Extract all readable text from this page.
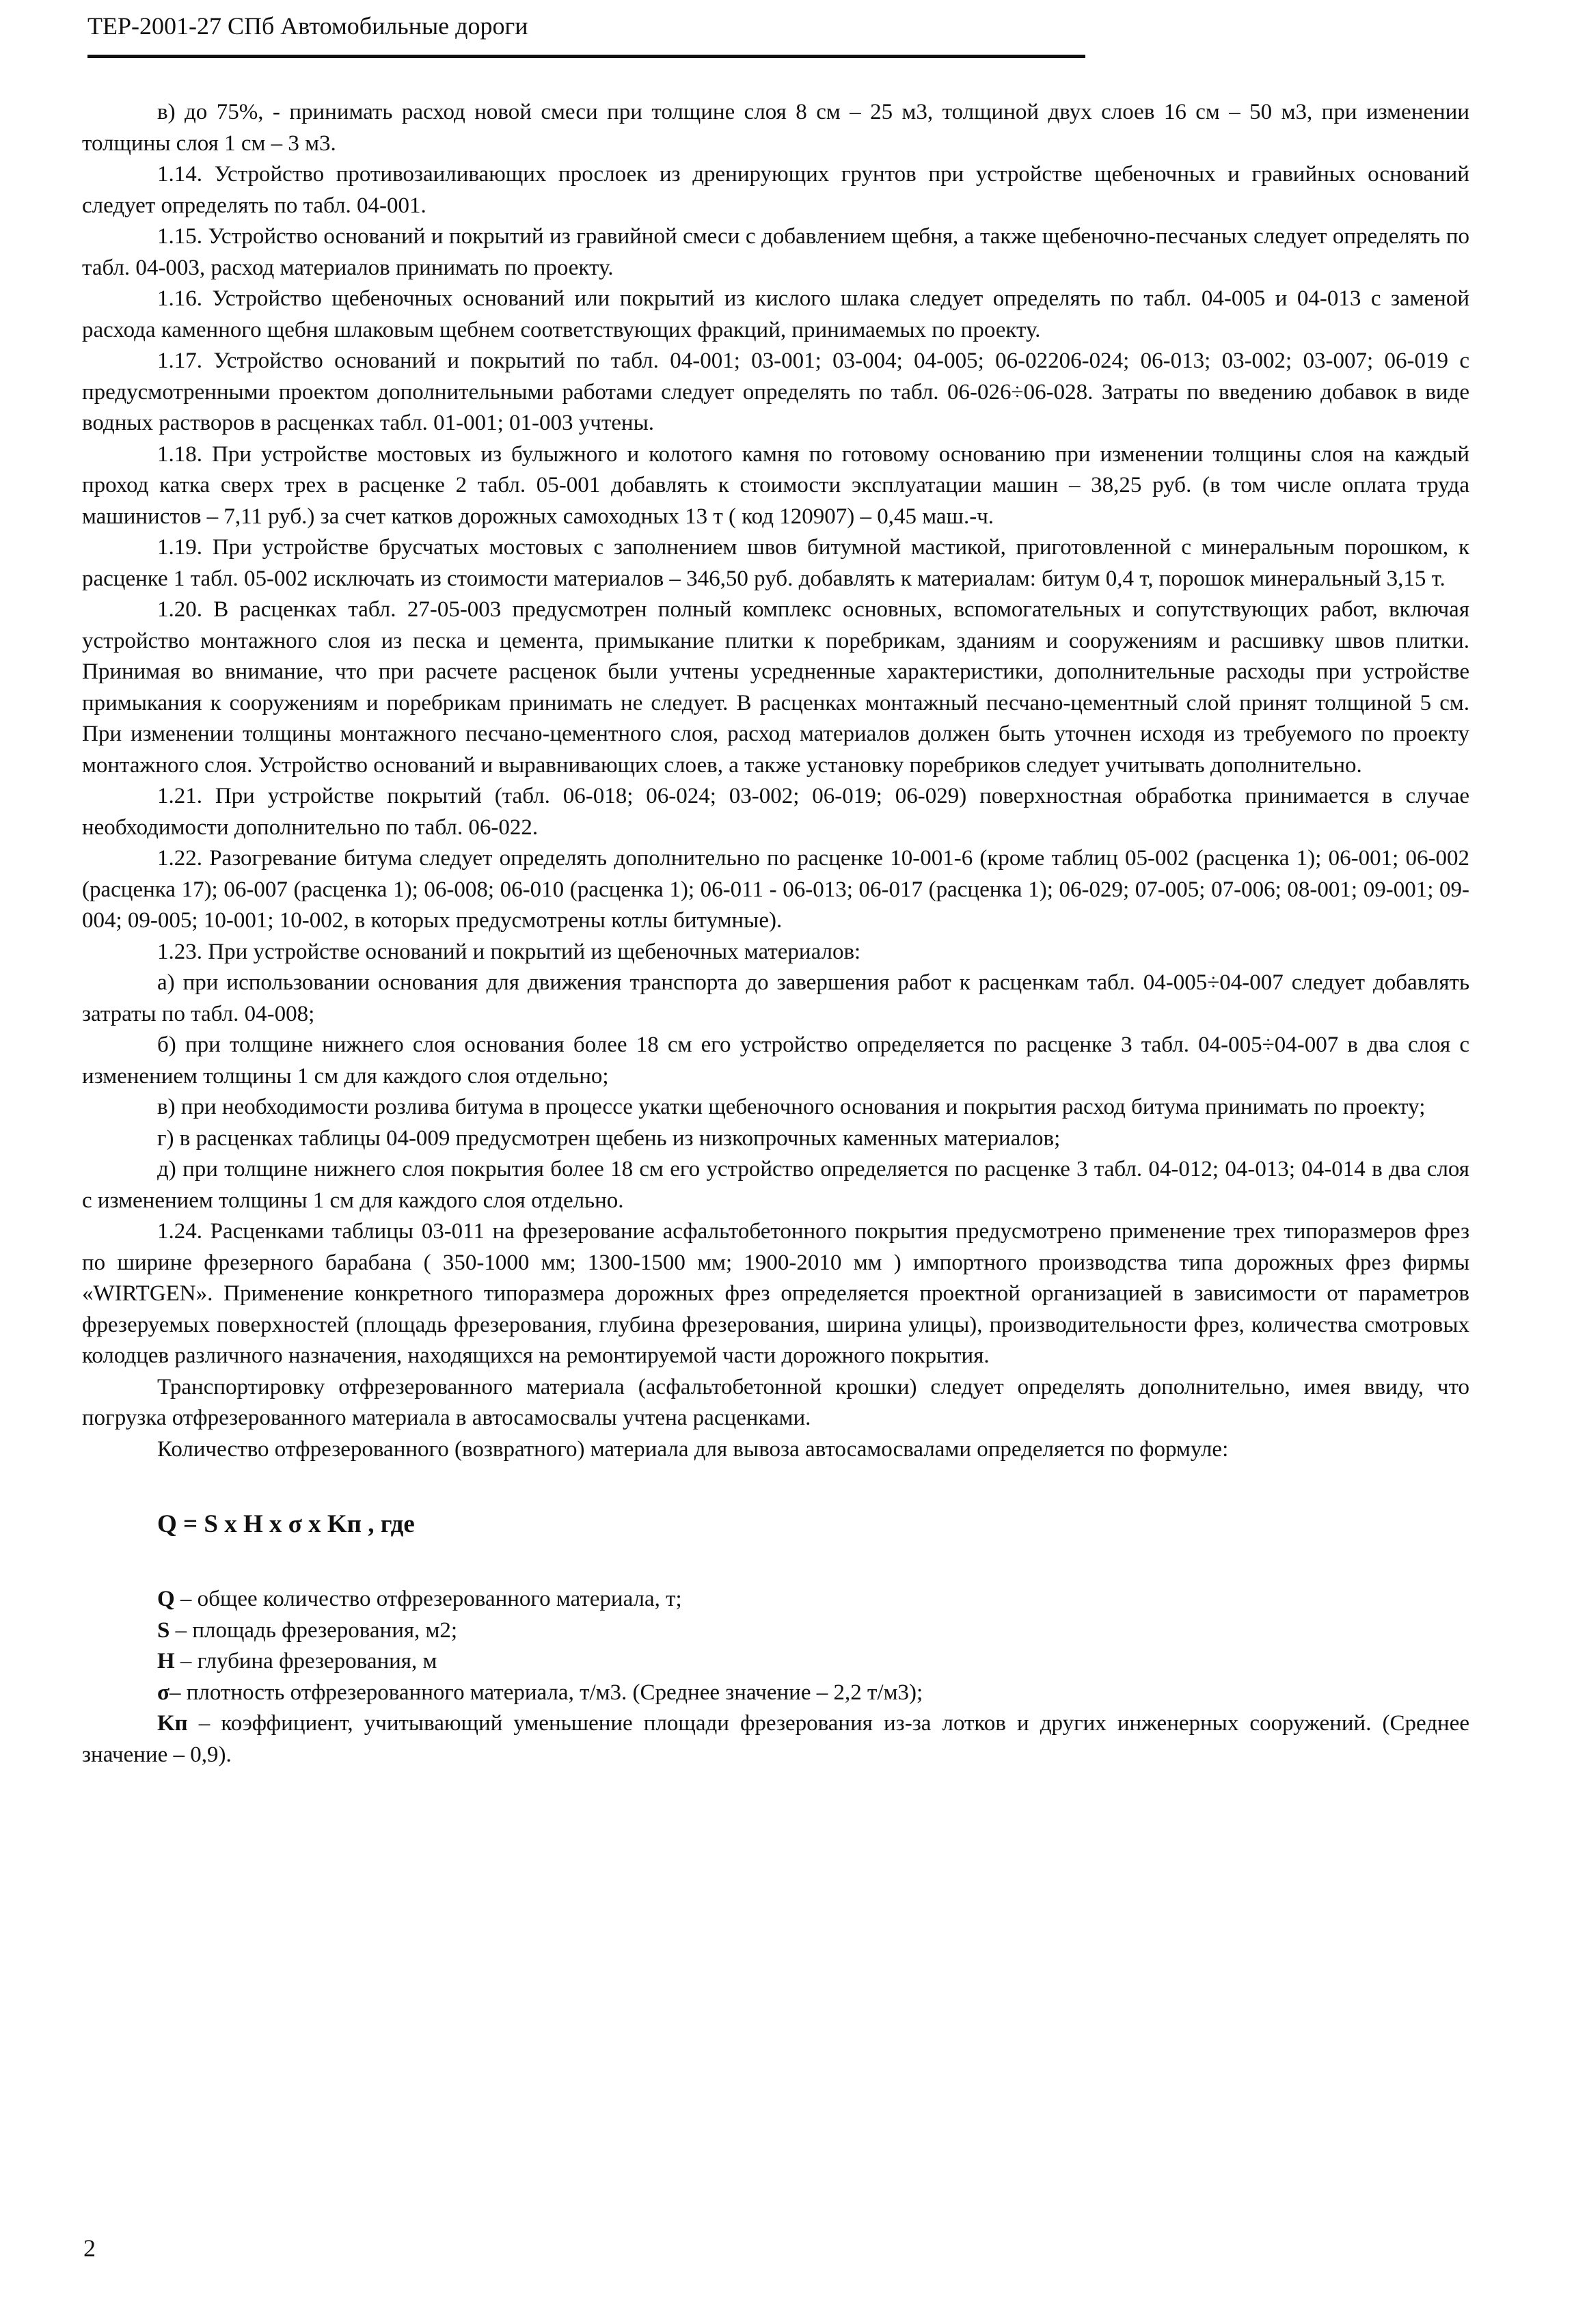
ТЕР-2001-27 СПб Автомобильные дороги

в) до 75%, - принимать расход новой смеси при толщине слоя 8 см – 25 м3, толщиной двух слоев 16 см – 50 м3, при изменении толщины слоя 1 см – 3 м3.

1.14. Устройство противозаиливающих прослоек из дренирующих грунтов при устройстве щебеночных и гравийных оснований следует определять по табл. 04-001.

1.15. Устройство оснований и покрытий из гравийной смеси с добавлением щебня, а также щебеночно-песчаных следует определять по табл. 04-003, расход материалов принимать по проекту.

1.16. Устройство щебеночных оснований или покрытий из кислого шлака следует определять по табл. 04-005 и 04-013 с заменой расхода каменного щебня шлаковым щебнем соответствующих фракций, принимаемых по проекту.

1.17. Устройство оснований и покрытий по табл. 04-001; 03-001; 03-004; 04-005; 06-02206-024; 06-013; 03-002; 03-007; 06-019 с предусмотренными проектом дополнительными работами следует определять по табл. 06-026÷06-028. Затраты по введению добавок в виде водных растворов в расценках табл. 01-001; 01-003 учтены.

1.18. При устройстве мостовых из булыжного и колотого камня по готовому основанию при изменении толщины слоя на каждый проход катка сверх трех в расценке 2 табл. 05-001 добавлять к стоимости эксплуатации машин – 38,25 руб. (в том числе оплата труда машинистов – 7,11 руб.) за счет катков дорожных самоходных 13 т ( код 120907) – 0,45 маш.-ч.

1.19. При устройстве брусчатых мостовых с заполнением швов битумной мастикой, приготовленной с минеральным порошком, к расценке 1 табл. 05-002 исключать из стоимости материалов – 346,50 руб. добавлять к материалам: битум 0,4 т, порошок минеральный 3,15 т.

1.20. В расценках табл. 27-05-003 предусмотрен полный комплекс основных, вспомогательных и сопутствующих работ, включая устройство монтажного слоя из песка и цемента, примыкание плитки к поребрикам, зданиям и сооружениям и расшивку швов плитки. Принимая во внимание, что при расчете расценок были учтены усредненные характеристики, дополнительные расходы при устройстве примыкания к сооружениям и поребрикам принимать не следует. В расценках монтажный песчано-цементный слой принят толщиной 5 см. При изменении толщины монтажного песчано-цементного слоя, расход материалов должен быть уточнен исходя из требуемого по проекту монтажного слоя. Устройство оснований и выравнивающих слоев, а также установку поребриков следует учитывать дополнительно.

1.21. При устройстве покрытий (табл. 06-018; 06-024; 03-002; 06-019; 06-029) поверхностная обработка принимается в случае необходимости дополнительно по табл. 06-022.

1.22. Разогревание битума следует определять дополнительно по расценке 10-001-6 (кроме таблиц 05-002 (расценка 1); 06-001; 06-002 (расценка 17); 06-007 (расценка 1); 06-008; 06-010 (расценка 1); 06-011 - 06-013; 06-017 (расценка 1); 06-029; 07-005; 07-006; 08-001; 09-001; 09-004; 09-005; 10-001; 10-002, в которых предусмотрены котлы битумные).

1.23. При устройстве оснований и покрытий из щебеночных материалов:

а) при использовании основания для движения транспорта до завершения работ к расценкам табл. 04-005÷04-007 следует добавлять затраты по табл. 04-008;

б) при толщине нижнего слоя основания более 18 см его устройство определяется по расценке 3 табл. 04-005÷04-007 в два слоя с изменением толщины 1 см для каждого слоя отдельно;

в) при необходимости розлива битума в процессе укатки щебеночного основания и покрытия расход битума принимать по проекту;

г) в расценках таблицы 04-009 предусмотрен щебень из низкопрочных каменных материалов;

д) при толщине нижнего слоя покрытия более 18 см его устройство определяется по расценке 3 табл. 04-012; 04-013; 04-014 в два слоя с изменением толщины 1 см для каждого слоя отдельно.

1.24. Расценками таблицы 03-011 на фрезерование асфальтобетонного покрытия предусмотрено применение трех типоразмеров фрез по ширине фрезерного барабана ( 350-1000 мм; 1300-1500 мм; 1900-2010 мм ) импортного производства типа дорожных фрез фирмы «WIRTGEN». Применение конкретного типоразмера дорожных фрез определяется проектной организацией в зависимости от параметров фрезеруемых поверхностей (площадь фрезерования, глубина фрезерования, ширина улицы), производительности фрез, количества смотровых колодцев различного назначения, находящихся на ремонтируемой части дорожного покрытия.

Транспортировку отфрезерованного материала (асфальтобетонной крошки) следует определять дополнительно, имея ввиду, что погрузка отфрезерованного материала в автосамосвалы учтена расценками.

Количество отфрезерованного (возвратного) материала для вывоза автосамосвалами определяется по формуле:

Q = S x H x σ x Kп , где

Q – общее количество отфрезерованного материала, т;

S – площадь фрезерования, м2;

H – глубина фрезерования, м

σ– плотность отфрезерованного материала, т/м3. (Среднее значение – 2,2 т/м3);

Kп – коэффициент, учитывающий уменьшение площади фрезерования из-за лотков и других инженерных сооружений. (Среднее значение – 0,9).

2
